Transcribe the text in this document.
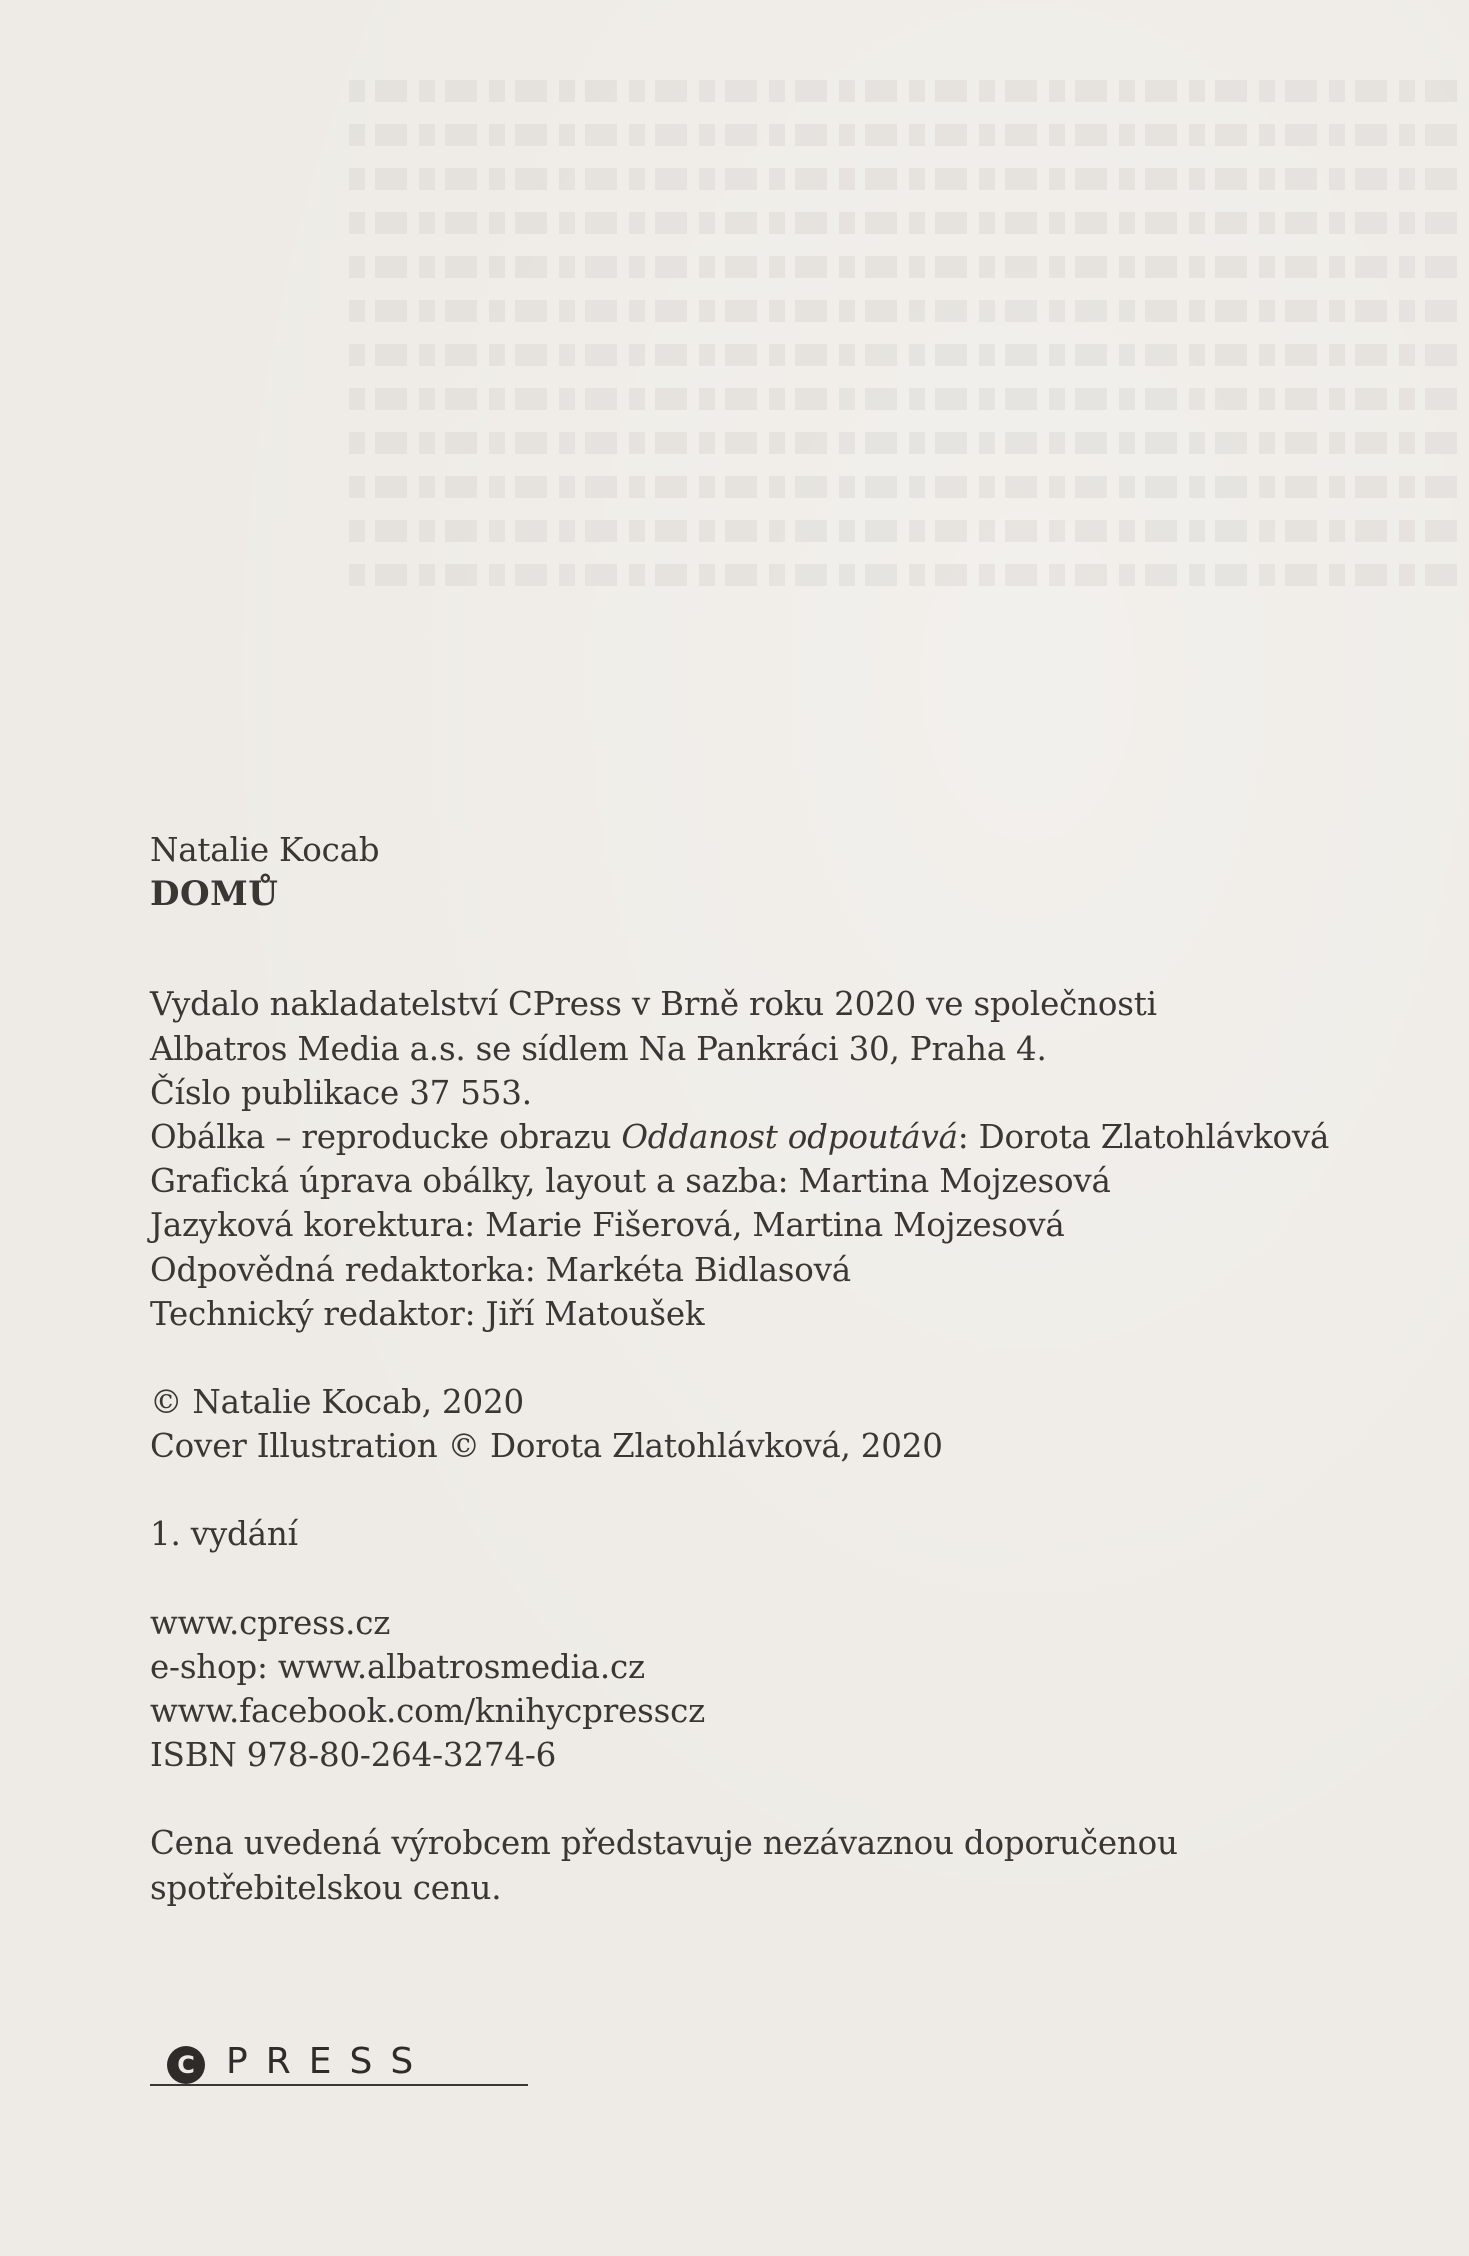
Natalie Kocab

DOMŮ

Vydalo nakladatelství CPress v Brně roku 2020 ve společnosti

Albatros Media a.s. se sídlem Na Pankráci 30, Praha 4.

Číslo publikace 37 553.

Obálka – reproducke obrazu Oddanost odpoutává: Dorota Zlatohlávková

Grafická úprava obálky, layout a sazba: Martina Mojzesová

Jazyková korektura: Marie Fišerová, Martina Mojzesová

Odpovědná redaktorka: Markéta Bidlasová

Technický redaktor: Jiří Matoušek

© Natalie Kocab, 2020

Cover Illustration © Dorota Zlatohlávková, 2020

1. vydání

www.cpress.cz

e-shop: www.albatrosmedia.cz

www.facebook.com/knihycpresscz

ISBN 978-80-264-3274-6

Cena uvedená výrobcem představuje nezávaznou doporučenou

spotřebitelskou cenu.

C PRESS
